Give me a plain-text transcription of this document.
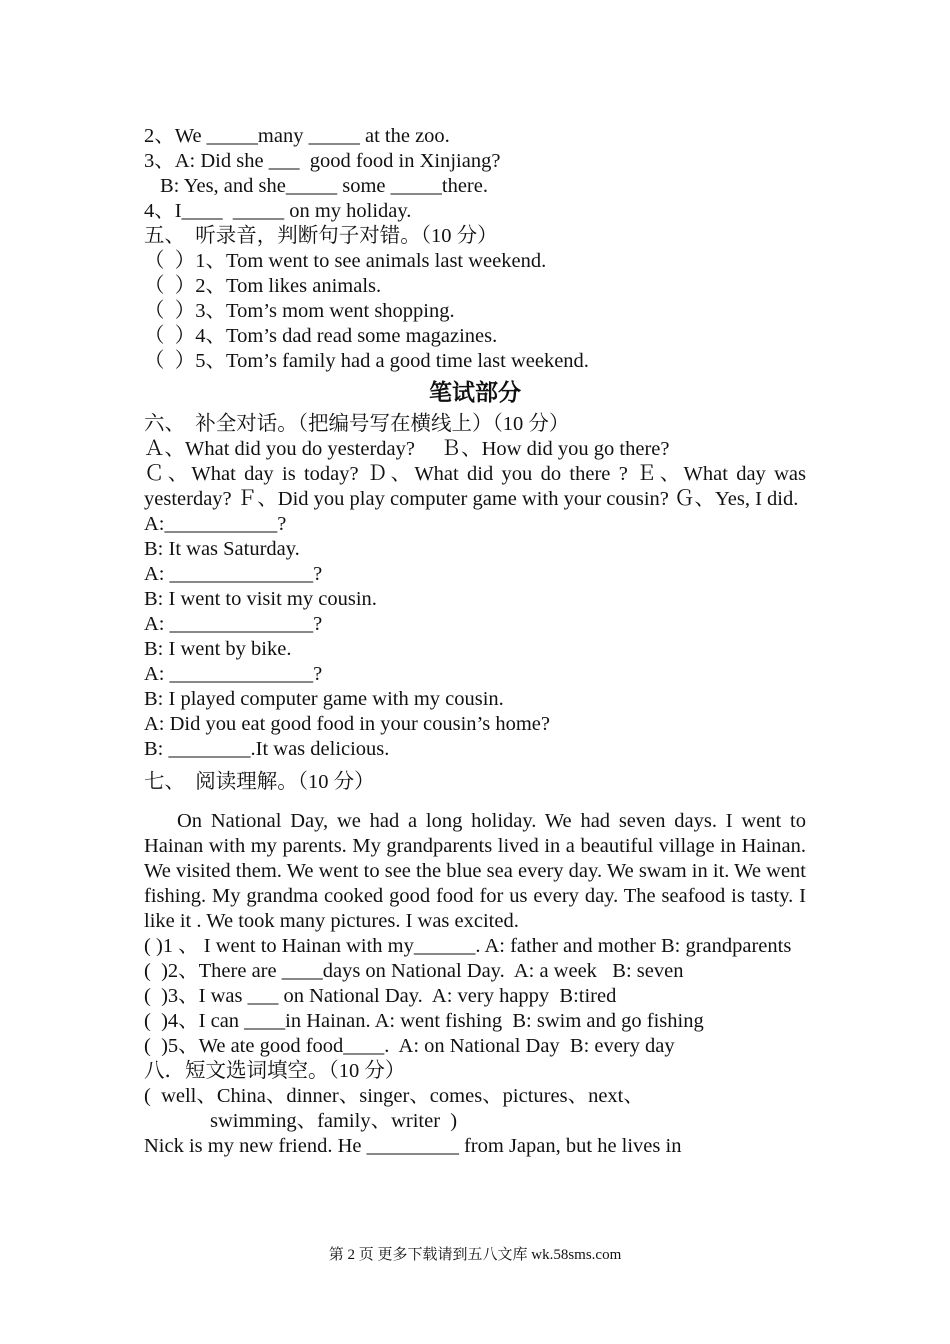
2、We _____many _____ at the zoo.
3、A: Did she ___  good food in Xinjiang?
B: Yes, and she_____ some _____there.
4、I____  _____ on my holiday.
五、  听录音，判断句子对错。（10 分）
（  ）1、Tom went to see animals last weekend.
（  ）2、Tom likes animals.
（  ）3、Tom’s mom went shopping.
（  ）4、Tom’s dad read some magazines.
（  ）5、Tom’s family had a good time last weekend.
笔试部分
六、  补全对话。（把编号写在横线上）（10 分）
Ａ、What did you do yesterday?     Ｂ、How did you go there?
Ｃ、What day is today? Ｄ、What did you do there ? Ｅ、What day was yesterday? Ｆ、Did you play computer game with your cousin? Ｇ、Yes, I did.
A:___________?
B: It was Saturday.
A: ______________?
B: I went to visit my cousin.
A: ______________?
B: I went by bike.
A: ______________?
B: I played computer game with my cousin.
A: Did you eat good food in your cousin’s home?
B: ________.It was delicious.
七、  阅读理解。（10 分）
On National Day, we had a long holiday. We had seven days. I went to Hainan with my parents. My grandparents lived in a beautiful village in Hainan. We visited them. We went to see the blue sea every day. We swam in it. We went fishing. My grandma cooked good food for us every day. The seafood is tasty. I like it . We took many pictures. I was excited.
( )1 、 I went to Hainan with my______. A: father and mother B: grandparents
(  )2、There are ____days on National Day.  A: a week   B: seven
(  )3、I was ___ on National Day.  A: very happy  B:tired
(  )4、I can ____in Hainan. A: went fishing  B: swim and go fishing
(  )5、We ate good food____.  A: on National Day  B: every day
八．短文选词填空。（10 分）
(  well、China、dinner、singer、comes、pictures、next、
swimming、family、writer  )
Nick is my new friend. He _________ from Japan, but he lives in
第 2 页 更多下载请到五八文库 wk.58sms.com
